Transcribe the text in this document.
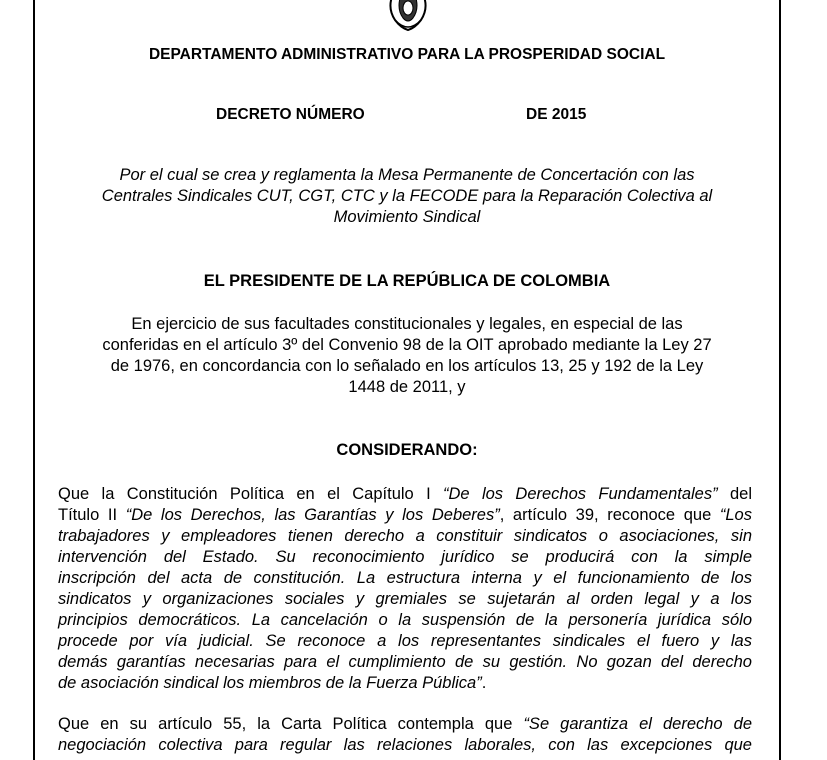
DEPARTAMENTO ADMINISTRATIVO PARA LA PROSPERIDAD SOCIAL
DECRETO NÚMERO	DE 2015
Por el cual se crea y reglamenta la Mesa Permanente de Concertación con las
Centrales Sindicales CUT, CGT, CTC y la FECODE para la Reparación Colectiva al
Movimiento Sindical
EL PRESIDENTE DE LA REPÚBLICA DE COLOMBIA
En ejercicio de sus facultades constitucionales y legales, en especial de las
conferidas en el artículo 3º del Convenio 98 de la OIT aprobado mediante la Ley 27
de 1976, en concordancia con lo señalado en los artículos 13, 25 y 192 de la Ley
1448 de 2011, y
CONSIDERANDO:
Que la Constitución Política en el Capítulo I “De los Derechos Fundamentales” del
Título II “De los Derechos, las Garantías y los Deberes”, artículo 39, reconoce que “Los
trabajadores y empleadores tienen derecho a constituir sindicatos o asociaciones, sin
intervención del Estado. Su reconocimiento jurídico se producirá con la simple
inscripción del acta de constitución. La estructura interna y el funcionamiento de los
sindicatos y organizaciones sociales y gremiales se sujetarán al orden legal y a los
principios democráticos. La cancelación o la suspensión de la personería jurídica sólo
procede por vía judicial. Se reconoce a los representantes sindicales el fuero y las
demás garantías necesarias para el cumplimiento de su gestión. No gozan del derecho
de asociación sindical los miembros de la Fuerza Pública”.
Que en su artículo 55, la Carta Política contempla que “Se garantiza el derecho de
negociación colectiva para regular las relaciones laborales, con las excepciones que
